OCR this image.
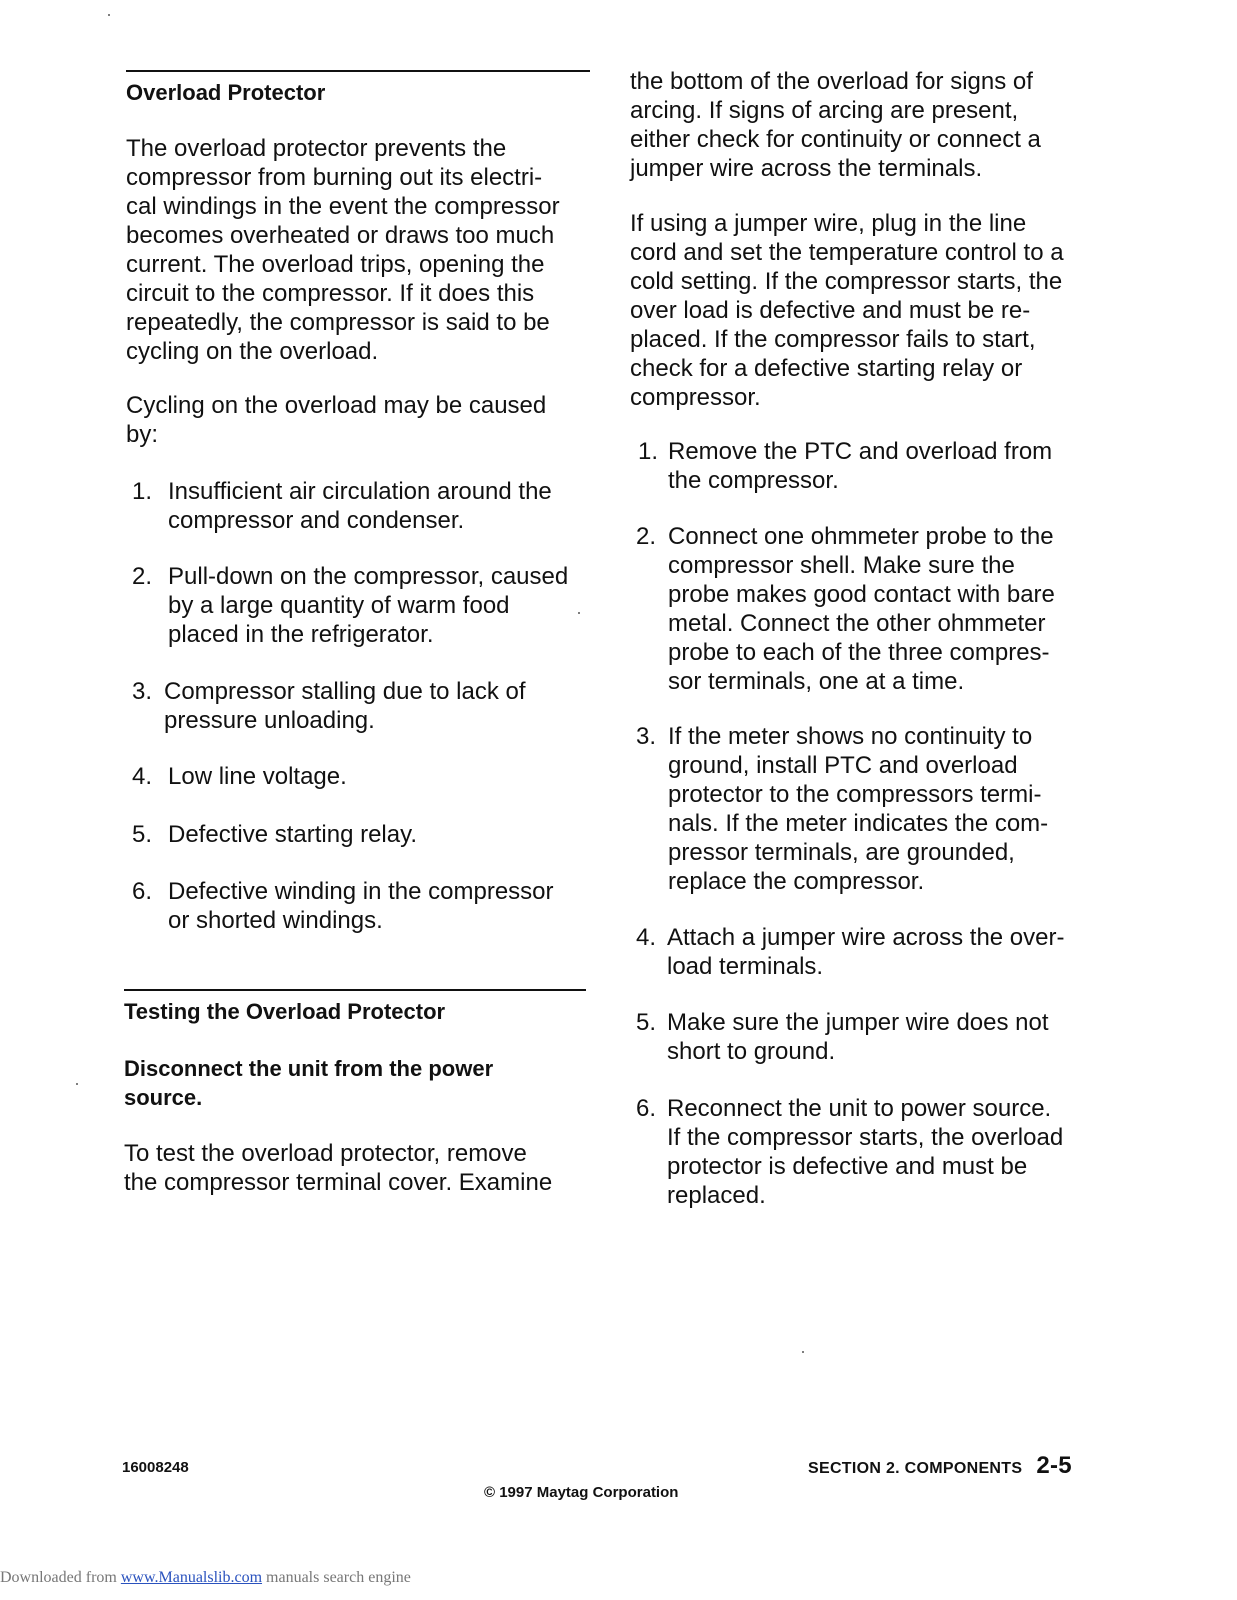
Overload Protector
The overload protector prevents the
compressor from burning out its electri-
cal windings in the event the compressor
becomes overheated or draws too much
current. The overload trips, opening the
circuit to the compressor. If it does this
repeatedly, the compressor is said to be
cycling on the overload.
Cycling on the overload may be caused
by:
1. Insufficient air circulation around the
compressor and condenser.
2. Pull-down on the compressor, caused
by a large quantity of warm food
placed in the refrigerator.
3. Compressor stalling due to lack of
pressure unloading.
4. Low line voltage.
5. Defective starting relay.
6. Defective winding in the compressor
or shorted windings.
Testing the Overload Protector
Disconnect the unit from the power
source.
To test the overload protector, remove
the compressor terminal cover. Examine
the bottom of the overload for signs of
arcing. If signs of arcing are present,
either check for continuity or connect a
jumper wire across the terminals.
If using a jumper wire, plug in the line
cord and set the temperature control to a
cold setting. If the compressor starts, the
over load is defective and must be re-
placed. If the compressor fails to start,
check for a defective starting relay or
compressor.
1. Remove the PTC and overload from
the compressor.
2. Connect one ohmmeter probe to the
compressor shell. Make sure the
probe makes good contact with bare
metal. Connect the other ohmmeter
probe to each of the three compres-
sor terminals, one at a time.
3. If the meter shows no continuity to
ground, install PTC and overload
protector to the compressors termi-
nals. If the meter indicates the com-
pressor terminals, are grounded,
replace the compressor.
4. Attach a jumper wire across the over-
load terminals.
5. Make sure the jumper wire does not
short to ground.
6. Reconnect the unit to power source.
If the compressor starts, the overload
protector is defective and must be
replaced.
16008248	SECTION 2. COMPONENTS 2-5
© 1997 Maytag Corporation
Downloaded from www.Manualslib.com manuals search engine
